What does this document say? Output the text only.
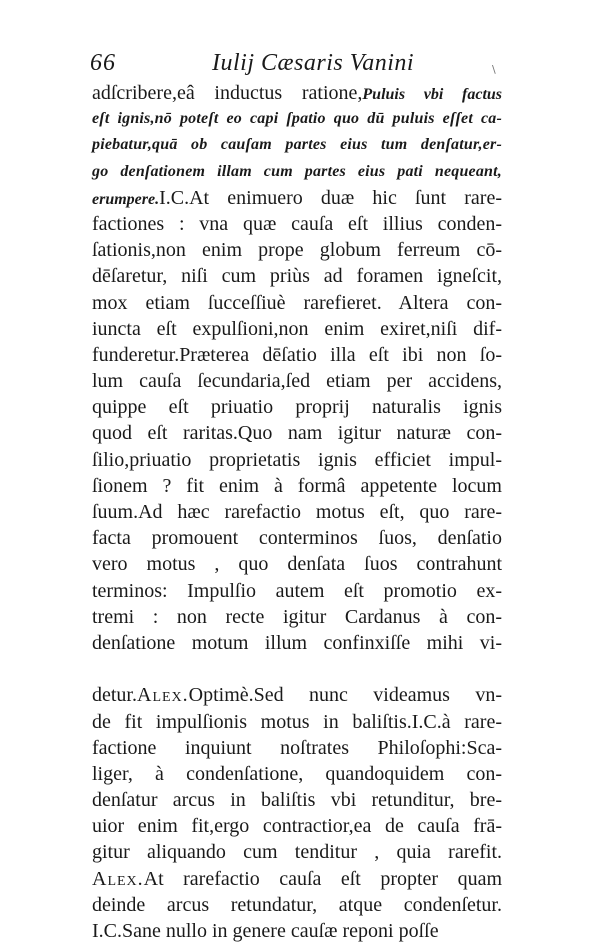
66	Iulij Cæsaris Vanini	\
adſcribere,eâ inductus ratione,Puluis vbi factus
eſt ignis,nō poteſt eo capi ſpatio quo dū puluis eſſet ca-
piebatur,quā ob cauſam partes eius tum denſatur,er-
go denſationem illam cum partes eius pati nequeant,
erumpere.I.C.At enimuero duæ hic ſunt rare-
factiones : vna quæ cauſa eſt illius conden-
ſationis,non enim prope globum ferreum cō-
dēſaretur, niſi cum priùs ad foramen igneſcit,
mox etiam ſucceſſiuè rarefieret. Altera con-
iuncta eſt expulſioni,non enim exiret,niſi dif-
funderetur.Præterea dēſatio illa eſt ibi non ſo-
lum cauſa ſecundaria,ſed etiam per accidens,
quippe eſt priuatio proprij naturalis ignis
quod eſt raritas.Quo nam igitur naturæ con-
ſilio,priuatio proprietatis ignis efficiet impul-
ſionem ? fit enim à formâ appetente locum
ſuum.Ad hæc rarefactio motus eſt, quo rare-
facta promouent conterminos ſuos, denſatio
vero motus , quo denſata ſuos contrahunt
terminos: Impulſio autem eſt promotio ex-
tremi : non recte igitur Cardanus à con-
denſatione motum illum confinxiſſe mihi vi-
detur.Alex.Optimè.Sed nunc videamus vn-
de fit impulſionis motus in baliſtis.I.C.à rare-
factione inquiunt noſtrates Philoſophi:Sca-
liger, à condenſatione, quandoquidem con-
denſatur arcus in baliſtis vbi retunditur, bre-
uior enim fit,ergo contractior,ea de cauſa frā-
gitur aliquando cum tenditur , quia rarefit.
Alex.At rarefactio cauſa eſt propter quam
deinde arcus retundatur, atque condenſetur.
I.C.Sane nullo in genere cauſæ reponi poſſe
